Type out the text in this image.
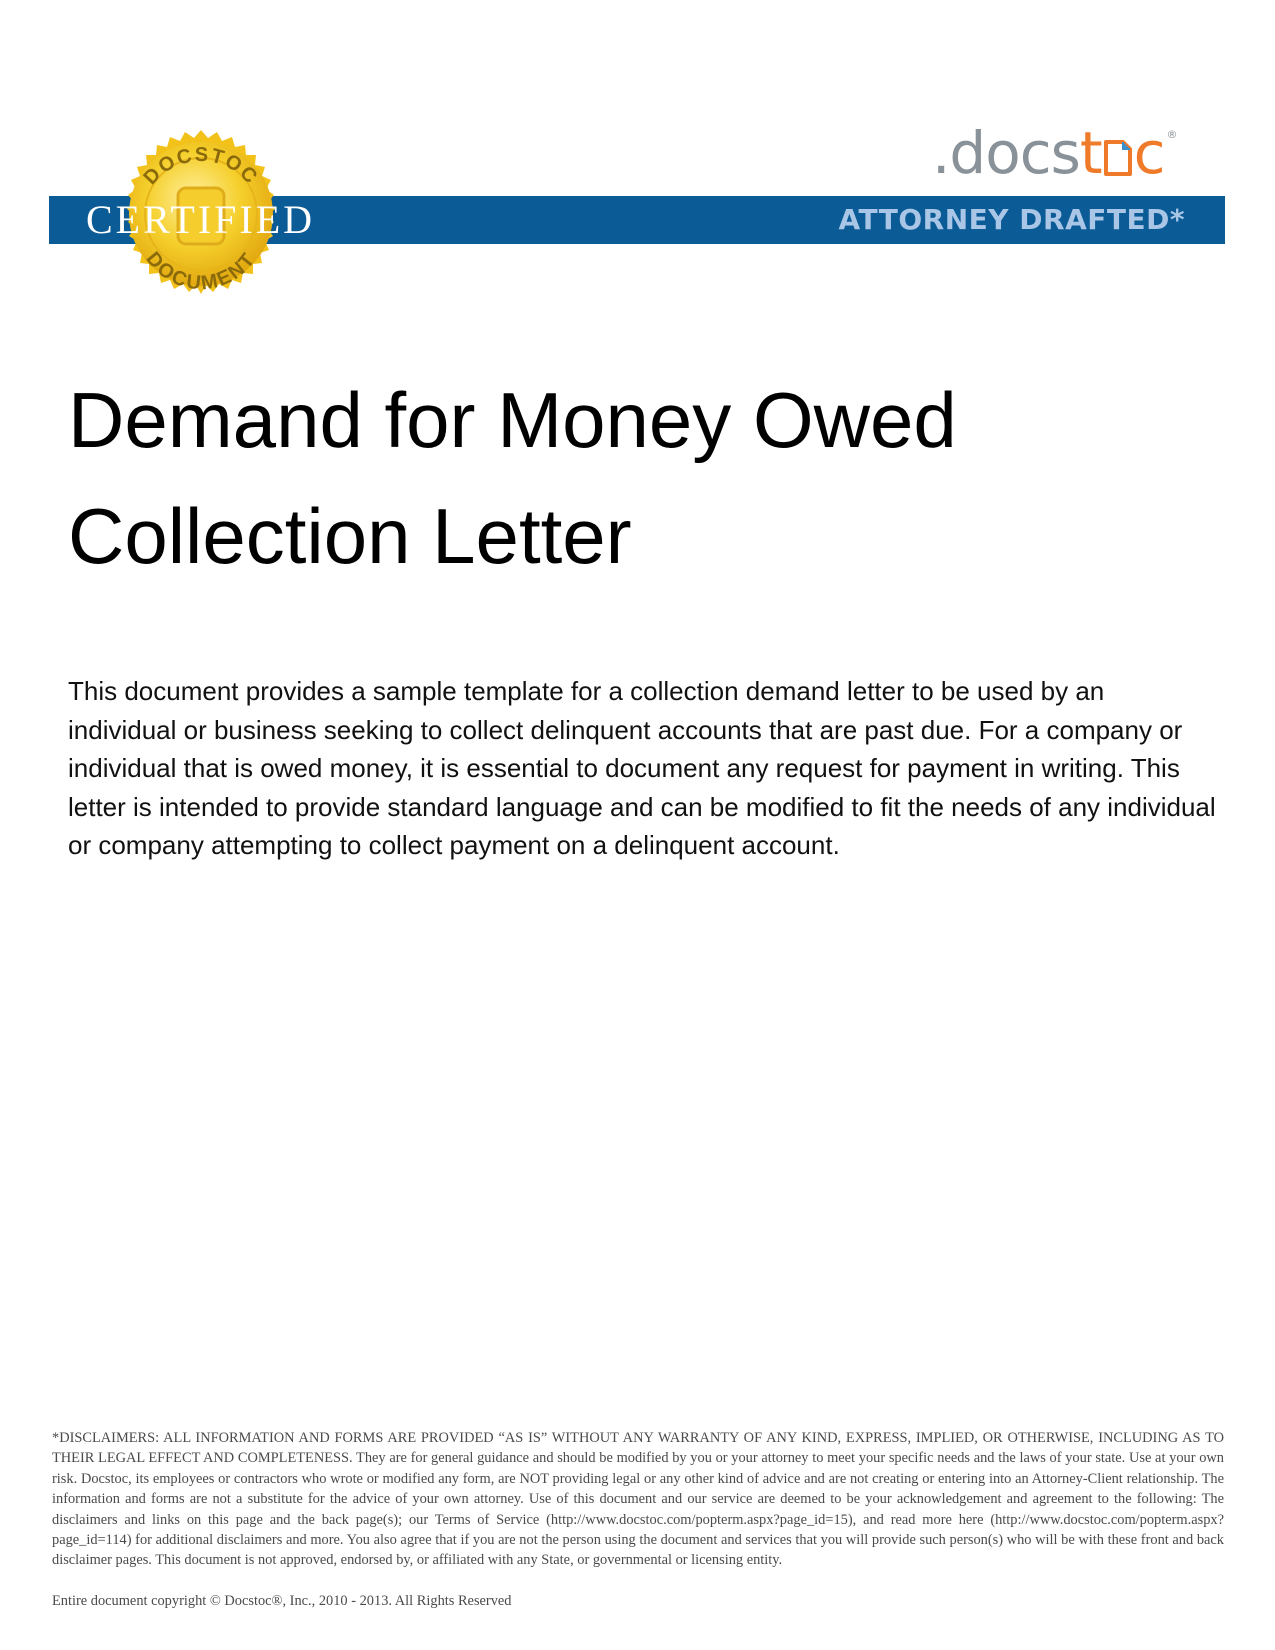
DOCSTOC
DOCUMENT
CERTIFIED
.docst c ®
ATTORNEY DRAFTED*
Demand for Money Owed
Collection Letter

This document provides a sample template for a collection demand letter to be used by an individual or business seeking to collect delinquent accounts that are past due. For a company or individual that is owed money, it is essential to document any request for payment in writing. This letter is intended to provide standard language and can be modified to fit the needs of any individual or company attempting to collect payment on a delinquent account.

*DISCLAIMERS: ALL INFORMATION AND FORMS ARE PROVIDED “AS IS” WITHOUT ANY WARRANTY OF ANY KIND, EXPRESS, IMPLIED, OR OTHERWISE, INCLUDING AS TO THEIR LEGAL EFFECT AND COMPLETENESS. They are for general guidance and should be modified by you or your attorney to meet your specific needs and the laws of your state. Use at your own risk. Docstoc, its employees or contractors who wrote or modified any form, are NOT providing legal or any other kind of advice and are not creating or entering into an Attorney-Client relationship. The information and forms are not a substitute for the advice of your own attorney. Use of this document and our service are deemed to be your acknowledgement and agreement to the following: The disclaimers and links on this page and the back page(s); our Terms of Service (http://www.docstoc.com/popterm.aspx?page_id=15), and read more here (http://www.docstoc.com/popterm.aspx?page_id=114) for additional disclaimers and more. You also agree that if you are not the person using the document and services that you will provide such person(s) who will be with these front and back disclaimer pages. This document is not approved, endorsed by, or affiliated with any State, or governmental or licensing entity.

Entire document copyright © Docstoc®, Inc., 2010 - 2013. All Rights Reserved
